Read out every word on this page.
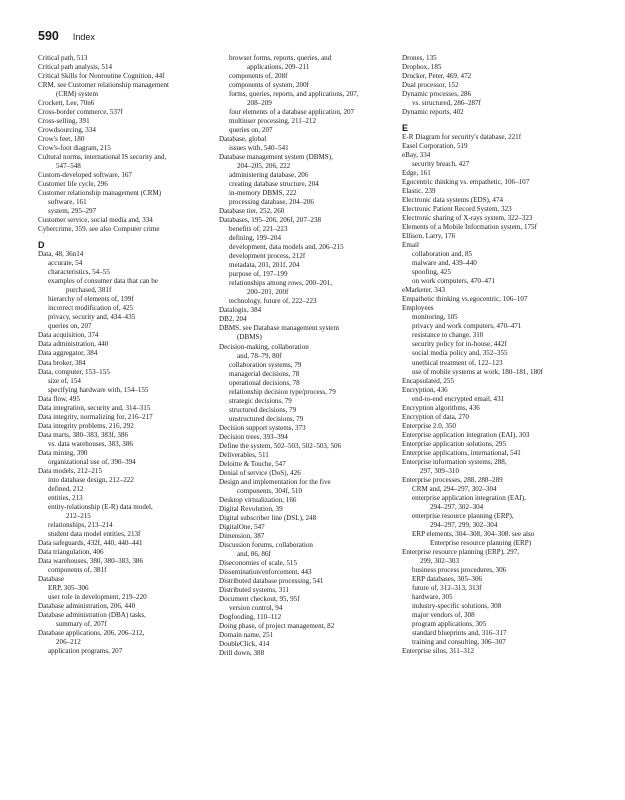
590 Index
Critical path, 513
Critical path analysis, 514
Critical Skills for Nonroutine Cognition, 44f
CRM. see Customer relationship management
(CRM) system
Crockett, Lee, 70n6
Cross-border commerce, 537f
Cross-selling, 391
Crowdsourcing, 334
Crow's feet, 180
Crow's-foot diagram, 215
Cultural norms, international IS security and,
547–548
Custom-developed software, 167
Customer life cycle, 296
Customer relationship management (CRM)
software, 161
system, 295–297
Customer service, social media and, 334
Cybercrime, 359. see also Computer crime
D
Data, 48, 36n14
accurate, 54
characteristics, 54–55
examples of consumer data that can be
purchased, 381f
hierarchy of elements of, 199f
incorrect modification of, 425
privacy, security and, 434–435
queries on, 207
Data acquisition, 374
Data administration, 440
Data aggregator, 384
Data broker, 384
Data, computer, 153–155
size of, 154
specifying hardware with, 154–155
Data flow, 495
Data integration, security and, 314–315
Data integrity, normalizing for, 216–217
Data integrity problems, 216, 292
Data marts, 380–383, 383f, 386
vs. data warehouses, 383, 386
Data mining, 390
organizational use of, 390–394
Data models, 212–215
into database design, 212–222
defined, 212
entities, 213
entity-relationship (E-R) data model,
212–215
relationships, 213–214
student data model entities, 213f
Data safeguards, 432f, 440, 440–441
Data triangulation, 406
Data warehouses, 380, 380–383, 386
components of, 381f
Database
ERP, 305–306
user role in development, 219–220
Database administration, 206, 440
Database administration (DBA) tasks,
summary of, 207f
Database applications, 206, 206–212,
206–212
application programs, 207
browser forms, reports, queries, and
applications, 209–211
components of, 208f
components of system, 200f
forms, queries, reports, and applications, 207,
208–209
four elements of a database application, 207
multiuser processing, 211–212
queries on, 207
Database, global
issues with, 540–541
Database management system (DBMS),
204–205, 206, 222
administering database, 206
creating database structure, 204
in-memory DBMS, 222
processing database, 204–206
Database tier, 252, 260
Databases, 195–206, 206f, 207–238
benefits of, 221–223
defining, 199–204
development, data models and, 206–215
development process, 212f
metadata, 201, 201f, 204
purpose of, 197–199
relationships among rows, 200–201,
200–201, 200f
technology, future of, 222–223
Datalogix, 384
DB2, 204
DBMS. see Database management system
(DBMS)
Decision-making, collaboration
and, 78–79, 80f
collaboration systems, 79
managerial decisions, 78
operational decisions, 78
relationship decision type/process, 79
strategic decisions, 79
structured decisions, 79
unstructured decisions, 79
Decision support systems, 373
Decision trees, 393–394
Define the system, 502–503, 502–503, 506
Deliverables, 511
Deloitte & Touche, 547
Denial of service (DoS), 426
Design and implementation for the five
components, 304f, 510
Desktop virtualization, 166
Digital Revolution, 39
Digital subscriber line (DSL), 248
DigitalOne, 547
Dimension, 387
Discussion forums, collaboration
and, 86, 86f
Diseconomies of scale, 515
Dissemination/enforcement, 443
Distributed database processing, 541
Distributed systems, 311
Document checkout, 95, 95f
version control, 94
Dogfooding, 110–112
Doing phase, of project management, 82
Domain name, 251
DoubleClick, 414
Drill down, 388
Drones, 135
Dropbox, 185
Drucker, Peter, 469, 472
Dual processor, 152
Dynamic processes, 286
vs. structured, 286–287f
Dynamic reports, 402
E
E-R Diagram for security's database, 221f
Easel Corporation, 519
eBay, 334
security breach, 427
Edge, 161
Egocentric thinking vs. empathetic, 106–107
Elastic, 239
Electronic data systems (EDS), 474
Electronic Patient Record System, 323
Electronic sharing of X-rays system, 322–323
Elements of a Mobile Information system, 175f
Ellison, Larry, 176
Email
collaboration and, 85
malware and, 439–440
spoofing, 425
on work computers, 470–471
eMarketer, 343
Empathetic thinking vs.egocentric, 106–107
Employees
monitoring, 105
privacy and work computers, 470–471
resistance to change, 310
security policy for in-house, 442f
social media policy and, 352–355
unethical treatment of, 122–123
use of mobile systems at work, 180–181, 180f
Encapsulated, 255
Encryption, 436
end-to-end encrypted email, 431
Encryption algorithms, 436
Encryption of data, 270
Enterprise 2.0, 350
Enterprise application integration (EAI), 303
Enterprise application solutions, 295
Enterprise applications, international, 541
Enterprise information systems, 288,
297, 309–310
Enterprise processes, 288, 288–289
CRM and, 294–297, 302–304
enterprise application integration (EAI),
294–297, 302–304
enterprise resource planning (ERP),
294–297, 299, 302–304
ERP elements, 304–308, 304–308. see also
Enterprise resource planning (ERP)
Enterprise resource planning (ERP), 297,
299, 302–303
business process procedures, 306
ERP databases, 305–306
future of, 312–313, 313f
hardware, 305
industry-specific solutions, 308
major vendors of, 308
program applications, 305
standard blueprints and, 316–317
training and consulting, 306–307
Enterprise silos, 311–312
